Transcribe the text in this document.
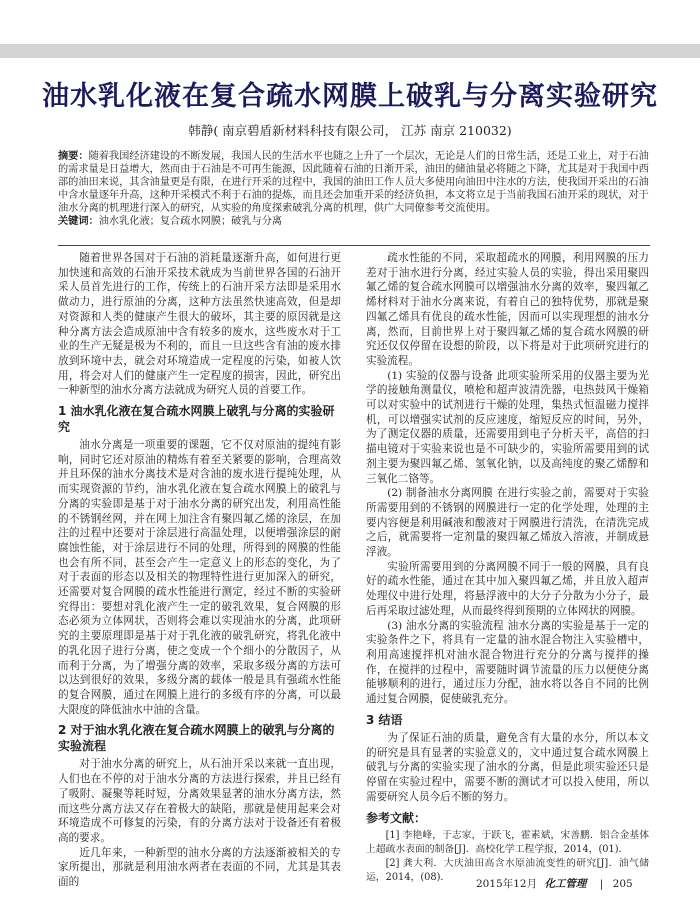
油水乳化液在复合疏水网膜上破乳与分离实验研究
韩静( 南京碧盾新材料科技有限公司， 江苏 南京 210032)
摘要：随着我国经济建设的不断发展，我国人民的生活水平也随之上升了一个层次，无论是人们的日常生活，还是工业上，对于石油的需求量是日益增大，然而由于石油是不可再生能源，因此随着石油的日渐开采，油田的储油量必将随之下降，尤其是对于我国中西部的油田来说，其含油量更是有限，在进行开采的过程中，我国的油田工作人员大多使用向油田中注水的方法，使我国开采出的石油中含水量逐年升高，这种开采模式不利于石油的提炼，而且还会加重开采的经济负担，本文将立足于当前我国石油开采的现状，对于油水分离的机理进行深入的研究，从实验的角度探索破乳分离的机理，供广大同僚参考交流使用。
关键词：油水乳化液；复合疏水网膜；破乳与分离

随着世界各国对于石油的消耗量逐渐升高，如何进行更加快速和高效的石油开采技术就成为当前世界各国的石油开采人员首先进行的工作，传统上的石油开采方法即是采用水做动力，进行原油的分离，这种方法虽然快速高效，但是却对资源和人类的健康产生很大的破坏，其主要的原因就是这种分离方法会造成原油中含有较多的废水，这些废水对于工业的生产无疑是极为不利的，而且一旦这些含有油的废水排放到环境中去，就会对环境造成一定程度的污染，如被人饮用，将会对人们的健康产生一定程度的损害，因此，研究出一种新型的油水分离方法就成为研究人员的首要工作。

1 油水乳化液在复合疏水网膜上破乳与分离的实验研究

油水分离是一项重要的课题，它不仅对原油的提纯有影响，同时它还对原油的精炼有着至关紧要的影响，合理高效并且环保的油水分离技术是对含油的废水进行提纯处理，从而实现资源的节约，油水乳化液在复合疏水网膜上的破乳与分离的实验即是基于对于油水分离的研究出发，利用高性能的不锈钢丝网，并在网上加注含有聚四氟乙烯的涂层，在加注的过程中还要对于涂层进行高温处理，以便增强涂层的耐腐蚀性能，对于涂层进行不同的处理，所得到的网膜的性能也会有所不同，甚至会产生一定意义上的形态的变化，为了对于表面的形态以及相关的物理特性进行更加深入的研究，还需要对复合网膜的疏水性能进行测定，经过不断的实验研究得出：要想对乳化液产生一定的破乳效果，复合网膜的形态必须为立体网状，否则将会难以实现油水的分离，此项研究的主要原理即是基于对于乳化液的破乳研究，将乳化液中的乳化因子进行分离，使之变成一个个细小的分散因子，从而利于分离，为了增强分离的效率，采取多级分离的方法可以达到很好的效果，多级分离的载体一般是具有强疏水性能的复合网膜，通过在网膜上进行的多级有序的分离，可以最大限度的降低油水中油的含量。

2 对于油水乳化液在复合疏水网膜上的破乳与分离的实验流程

对于油水分离的研究上，从石油开采以来就一直出现，人们也在不停的对于油水分离的方法进行探索，并且已经有了吸附、凝聚等耗时短，分离效果显著的油水分离方法，然而这些分离方法又存在着极大的缺陷，那就是使用起来会对环境造成不可修复的污染，有的分离方法对于设备还有着极高的要求。

近几年来，一种新型的油水分离的方法逐渐被相关的专家所提出，那就是利用油水两者在表面的不同，尤其是其表面的

疏水性能的不同，采取超疏水的网膜，利用网膜的压力差对于油水进行分离，经过实验人员的实验，得出采用聚四氟乙烯的复合疏水网膜可以增强油水分离的效率，聚四氟乙烯材料对于油水分离来说，有着自己的独特优势，那就是聚四氟乙烯具有优良的疏水性能，因而可以实现理想的油水分离，然而，目前世界上对于聚四氟乙烯的复合疏水网膜的研究还仅仅停留在设想的阶段，以下将是对于此项研究进行的实验流程。

(1) 实验的仪器与设备 此项实验所采用的仪器主要为光学的接触角测量仪，喷枪和超声波清洗器，电热鼓风干燥箱可以对实验中的试剂进行干燥的处理，集热式恒温磁力搅拌机，可以增强实试剂的反应速度，缩短反应的时间，另外，为了测定仪器的质量，还需要用到电子分析天平，高倍的扫描电镜对于实验来说也是不可缺少的，实验所需要用到的试剂主要为聚四氟乙烯、氢氧化钠，以及高纯度的聚乙烯醇和三氧化二铬等。

(2) 制备油水分离网膜 在进行实验之前，需要对于实验所需要用到的不锈钢的网膜进行一定的化学处理，处理的主要内容便是利用碱液和酸液对于网膜进行清洗，在清洗完成之后，就需要将一定剂量的聚四氟乙烯放入溶液，并制成悬浮液。

实验所需要用到的分离网膜不同于一般的网膜，具有良好的疏水性能，通过在其中加入聚四氟乙烯，并且放入超声处理仪中进行处理，将悬浮液中的大分子分散为小分子，最后再采取过滤处理，从而最终得到预期的立体网状的网膜。

(3) 油水分离的实验流程 油水分离的实验是基于一定的实验条件之下，将具有一定量的油水混合物注入实验槽中，利用高速搅拌机对油水混合物进行充分的分离与搅拌的操作，在搅拌的过程中，需要随时调节流量的压力以便使分离能够顺利的进行，通过压力分配，油水将以各自不同的比例通过复合网膜，促使破乳充分。

3 结语

为了保证石油的质量，避免含有大量的水分，所以本文的研究是具有显著的实验意义的，文中通过复合疏水网膜上破乳与分离的实验实现了油水的分离，但是此项实验还只是停留在实验过程中，需要不断的测试才可以投入使用，所以需要研究人员今后不断的努力。

参考文献：

[1] 李艳峰，于志家，于跃飞，霍素斌，宋善鹏．铝合金基体上超疏水表面的制备[J]．高校化学工程学报，2014，(01)．

[2] 龚大利．大庆油田高含水原油流变性的研究[J]．油气储运，2014，(08)．

2015年12月 化工管理 | 205
